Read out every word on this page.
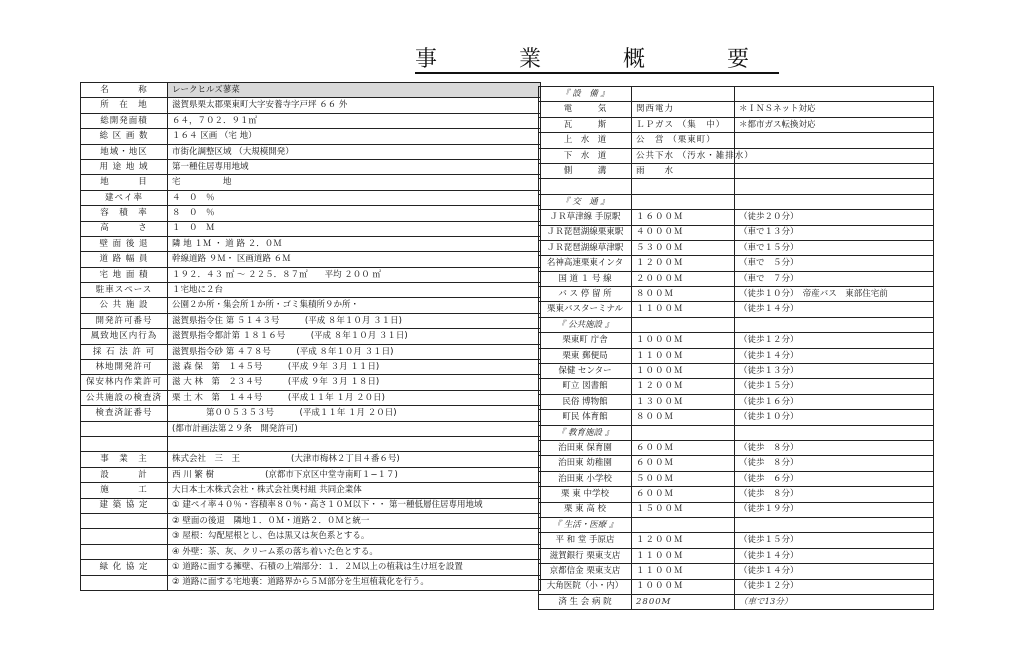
事　業　概　要
名　　　称	レークヒルズ蓼菜
所　在　地	滋賀県栗太郡栗東町大字安養寺字戸坪 ６６ 外
総開発面積	６４，７０２．９１㎡
総 区 画 数	１６４ 区画 （宅 地）
地域・地区	市街化調整区域 （大規模開発）
用 途 地 域	第一種住居専用地域
地　　　目	宅　　　　　地
建ペイ率	４　０　％
容　積　率	８　０　％
高　　　さ	１　０　Ｍ
壁 面 後 退	隣 地 １Ｍ ・ 道 路 ２．０Ｍ
道 路 幅 員	幹線道路 ９Ｍ・ 区画道路 ６Ｍ
宅 地 面 積	１９２．４３ ㎡ 〜 ２２５．８７㎡　　平均 ２００ ㎡
駐車スペース	１宅地に２台
公 共 施 設	公園２か所・集会所１か所・ゴミ集積所９か所・
開発許可番号	滋賀県指令住 第 ５１４３号　　　(平成 ８年１０月 ３１日)
風致地区内行為	滋賀県指令都計第 １８１６号　　　(平成 ８年１０月 ３１日)
採 石 法 許 可	滋賀県指令砂 第 ４７８号　　　(平成 ８年１０月 ３１日)
林地開発許可	滋 森 保　第　１４５号　　　(平成 ９年 ３月 １１日)
保安林内作業許可	滋 大 林　第　２３４号　　　(平成 ９年 ３月 １８日)
公共施設の検査済	栗 土 木　第　１４４号　　　(平成１１年 １月 ２０日)
検査済証番号	　　　　第００５３５３号　　　(平成１１年 １月 ２０日)
	(都市計画法第２９条　開発許可)

事　業　主	株式会社　三　王　　　　　　(大津市梅林２丁目４番６号)
設　　　計	西 川 繁 樹　　　　　　(京都市下京区中堂寺南町１−１７)
施　　　工	大日本土木株式会社・株式会社奥村組 共同企業体
建 築 協 定	① 建ペイ率４０％・容積率８０％・高さ１０Ｍ以下・・ 第一種低層住居専用地域
	② 壁面の後退　隣地１．０Ｍ・道路２．０Ｍと統一
	③ 屋根：勾配屋根とし、色は黒又は灰色系とする。
	④ 外壁：茶、灰、クリーム系の落ち着いた色とする。
緑 化 協 定	① 道路に面する擁壁、石積の上端部分：１．２Ｍ以上の植栽は生け垣を設置
	② 道路に面する宅地裏：道路界から５Ｍ部分を生垣植栽化を行う。
『 設　備 』		
電　　　気	関西電力	＊ＩＮＳネット対応
瓦　　　斯	ＬＰガス （集　中）	＊都市ガス転換対応
上　水　道	公　営 （栗東町）	
下　水　道	公共下水 （汚水・雑排水）	
側　　　溝	雨　　水	

『 交　通 』		
ＪＲ草津線 手原駅	１６００Ｍ	（徒歩２０分）
ＪＲ琵琶湖線栗東駅	４０００Ｍ	（車で１３分）
ＪＲ琵琶湖線草津駅	５３００Ｍ	（車で１５分）
名神高速栗東インタ	１２００Ｍ	（車で　５分）
国 道 １ 号 線	２０００Ｍ	（車で　７分）
バ ス 停 留 所	８００Ｍ	（徒歩１０分）　帝産バス　東部住宅前
栗東バスターミナル	１１００Ｍ	（徒歩１４分）
『 公共施設 』		
栗東町 庁舎	１０００Ｍ	（徒歩１２分）
栗東 郵便局	１１００Ｍ	（徒歩１４分）
保健 センター	１０００Ｍ	（徒歩１３分）
町立 図書館	１２００Ｍ	（徒歩１５分）
民俗 博物館	１３００Ｍ	（徒歩１６分）
町民 体育館	８００Ｍ	（徒歩１０分）
『 教育施設 』		
治田東 保育園	６００Ｍ	（徒歩　８分）
治田東 幼稚園	６００Ｍ	（徒歩　８分）
治田東 小学校	５００Ｍ	（徒歩　６分）
栗 東 中学校	６００Ｍ	（徒歩　８分）
栗 東 高 校	１５００Ｍ	（徒歩１９分）
『 生活・医療 』		
平 和 堂 手原店	１２００Ｍ	（徒歩１５分）
滋賀銀行 栗東支店	１１００Ｍ	（徒歩１４分）
京都信金 栗東支店	１１００Ｍ	（徒歩１４分）
大角医院（小・内）	１０００Ｍ	（徒歩１２分）
済 生 会 病 院	2800M	（車で13分）
